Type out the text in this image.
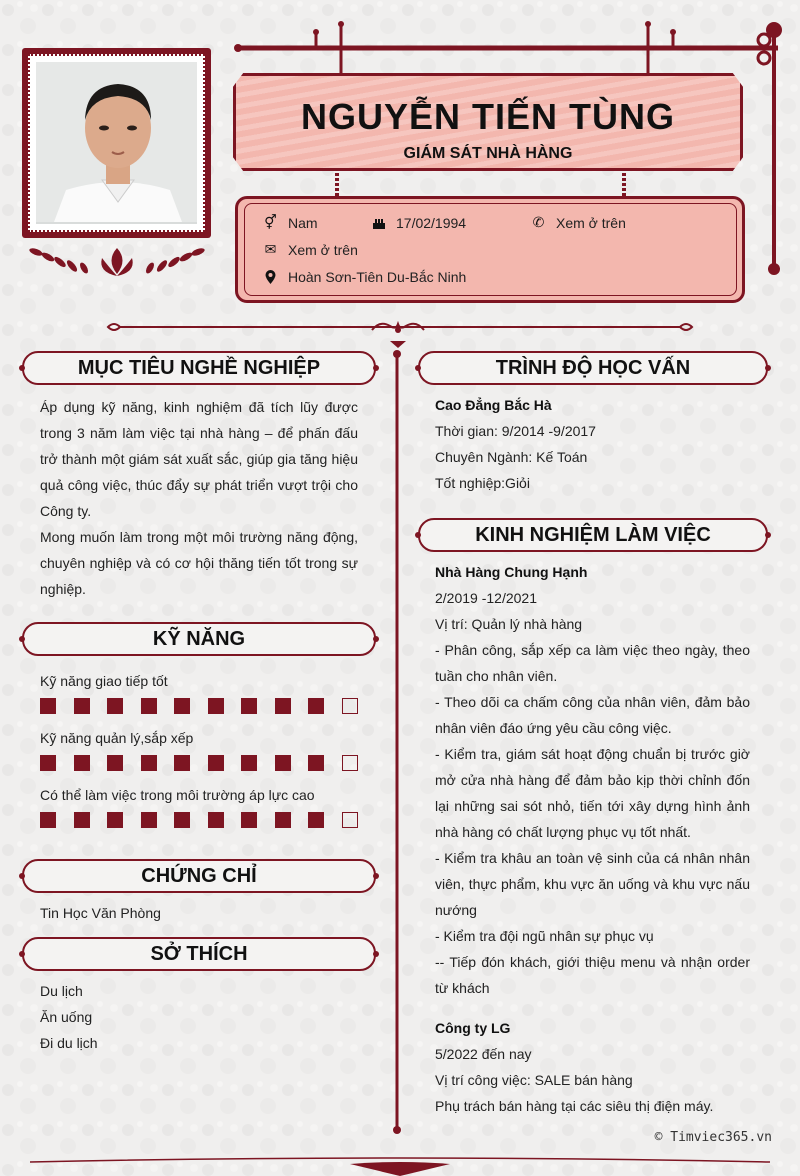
NGUYỄN TIẾN TÙNG
GIÁM SÁT NHÀ HÀNG
⚥ Nam	17/02/1994	✆ Xem ở trên
✉ Xem ở trên
Hoàn Sơn-Tiên Du-Bắc Ninh
MỤC TIÊU NGHỀ NGHIỆP

Áp dụng kỹ năng, kinh nghiệm đã tích lũy được trong 3 năm làm việc tại nhà hàng – để phấn đấu trở thành một giám sát xuất sắc, giúp gia tăng hiệu quả công việc, thúc đẩy sự phát triển vượt trội cho Công ty.

Mong muốn làm trong một môi trường năng động, chuyên nghiệp và có cơ hội thăng tiến tốt trong sự nghiệp.

KỸ NĂNG
Kỹ năng giao tiếp tốt
Kỹ năng quản lý,sắp xếp
Có thể làm việc trong môi trường áp lực cao
CHỨNG CHỈ
Tin Học Văn Phòng
SỞ THÍCH
Du lịch
Ăn uống
Đi du lịch
TRÌNH ĐỘ HỌC VẤN
Cao Đẳng Bắc Hà
Thời gian: 9/2014 -9/2017
Chuyên Ngành: Kế Toán
Tốt nghiệp:Giỏi
KINH NGHIỆM LÀM VIỆC
Nhà Hàng Chung Hạnh
2/2019 -12/2021
Vị trí: Quản lý nhà hàng
- Phân công, sắp xếp ca làm việc theo ngày, theo tuần cho nhân viên.
- Theo dõi ca chấm công của nhân viên, đảm bảo nhân viên đáo ứng yêu cầu công việc.
- Kiểm tra, giám sát hoạt động chuẩn bị trước giờ mở cửa nhà hàng để đảm bảo kịp thời chỉnh đốn lại những sai sót nhỏ, tiến tới xây dựng hình ảnh nhà hàng có chất lượng phục vụ tốt nhất.
- Kiểm tra khâu an toàn vệ sinh của cá nhân nhân viên, thực phẩm, khu vực ăn uống và khu vực nấu nướng
- Kiểm tra đội ngũ nhân sự phục vụ
-- Tiếp đón khách, giới thiệu menu và nhận order từ khách
Công ty LG
5/2022 đến nay
Vị trí công việc: SALE bán hàng
Phụ trách bán hàng tại các siêu thị điện máy.
© Timviec365.vn
